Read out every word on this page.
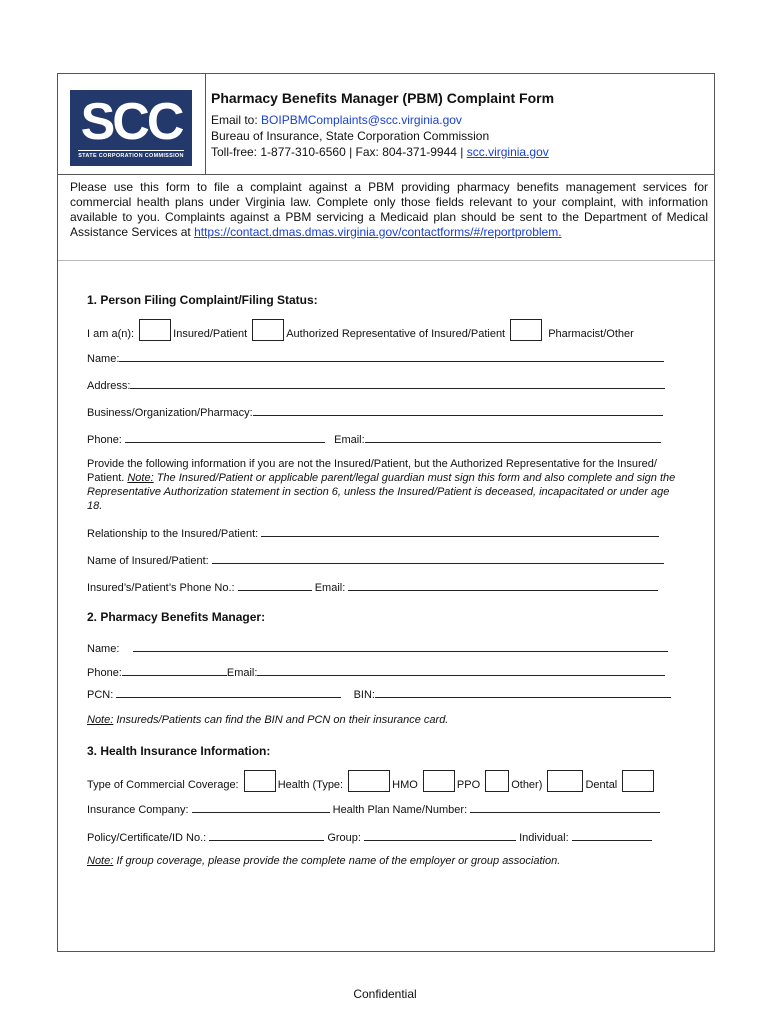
SCC
STATE CORPORATION COMMISSION
Pharmacy Benefits Manager (PBM) Complaint Form
Email to: BOIPBMComplaints@scc.virginia.gov
Bureau of Insurance, State Corporation Commission
Toll-free: 1-877-310-6560 | Fax: 804-371-9944 | scc.virginia.gov
Please use this form to file a complaint against a PBM providing pharmacy benefits management services for commercial health plans under Virginia law. Complete only those fields relevant to your complaint, with information available to you. Complaints against a PBM servicing a Medicaid plan should be sent to the Department of Medical Assistance Services at https://contact.dmas.dmas.virginia.gov/contactforms/#/reportproblem.
1. Person Filing Complaint/Filing Status:
I am a(n):	Insured/Patient	Authorized Representative of Insured/Patient	Pharmacist/Other
Name:
Address:
Business/Organization/Pharmacy:
Phone:	Email:
Provide the following information if you are not the Insured/Patient, but the Authorized Representative for the Insured/ Patient. Note: The Insured/Patient or applicable parent/legal guardian must sign this form and also complete and sign the Representative Authorization statement in section 6, unless the Insured/Patient is deceased, incapacitated or under age 18.
Relationship to the Insured/Patient:
Name of Insured/Patient:
Insured’s/Patient’s Phone No.:	Email:
2. Pharmacy Benefits Manager:
Name:
Phone:	Email:
PCN:	BIN:
Note: Insureds/Patients can find the BIN and PCN on their insurance card.
3. Health Insurance Information:
Type of Commercial Coverage:	Health (Type:	HMO	PPO	Other)	Dental
Insurance Company:	Health Plan Name/Number:
Policy/Certificate/ID No.:	Group:	Individual:
Note: If group coverage, please provide the complete name of the employer or group association.
Confidential
